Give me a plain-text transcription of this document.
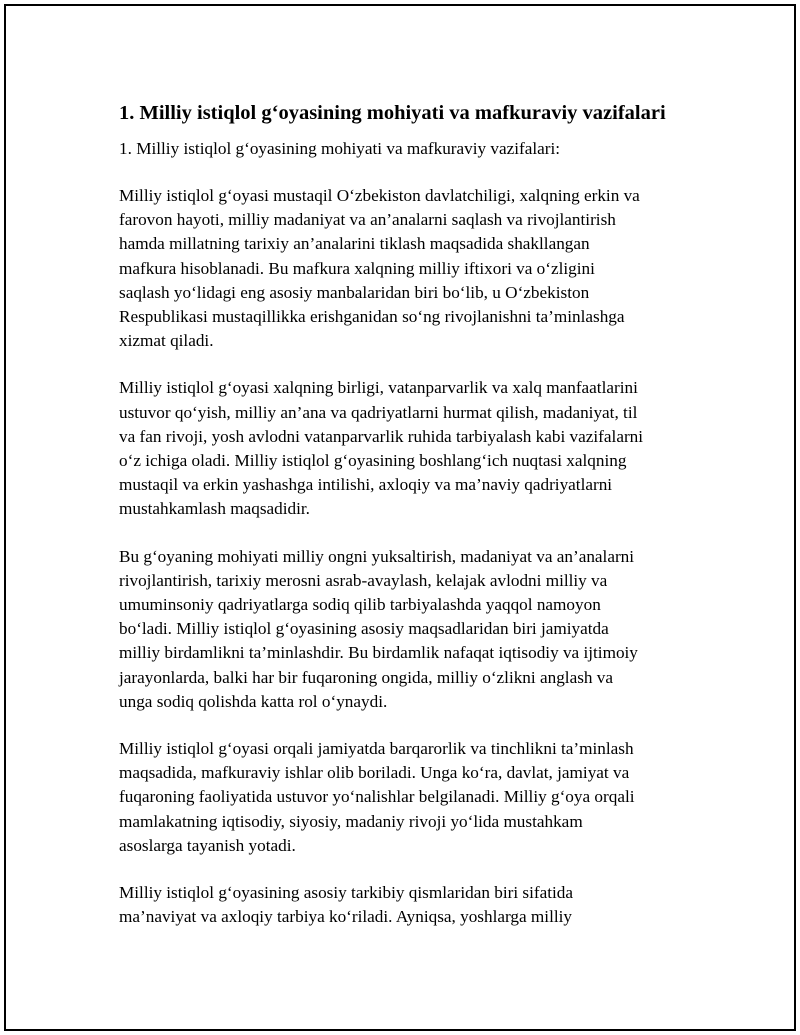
1. Milliy istiqlol g‘oyasining mohiyati va mafkuraviy vazifalari
1. Milliy istiqlol g‘oyasining mohiyati va mafkuraviy vazifalari:
Milliy istiqlol g‘oyasi mustaqil O‘zbekiston davlatchiligi, xalqning erkin va
farovon hayoti, milliy madaniyat va an’analarni saqlash va rivojlantirish
hamda millatning tarixiy an’analarini tiklash maqsadida shakllangan
mafkura hisoblanadi. Bu mafkura xalqning milliy iftixori va o‘zligini
saqlash yo‘lidagi eng asosiy manbalaridan biri bo‘lib, u O‘zbekiston
Respublikasi mustaqillikka erishganidan so‘ng rivojlanishni ta’minlashga
xizmat qiladi.
Milliy istiqlol g‘oyasi xalqning birligi, vatanparvarlik va xalq manfaatlarini
ustuvor qo‘yish, milliy an’ana va qadriyatlarni hurmat qilish, madaniyat, til
va fan rivoji, yosh avlodni vatanparvarlik ruhida tarbiyalash kabi vazifalarni
o‘z ichiga oladi. Milliy istiqlol g‘oyasining boshlang‘ich nuqtasi xalqning
mustaqil va erkin yashashga intilishi, axloqiy va ma’naviy qadriyatlarni
mustahkamlash maqsadidir.
Bu g‘oyaning mohiyati milliy ongni yuksaltirish, madaniyat va an’analarni
rivojlantirish, tarixiy merosni asrab-avaylash, kelajak avlodni milliy va
umuminsoniy qadriyatlarga sodiq qilib tarbiyalashda yaqqol namoyon
bo‘ladi. Milliy istiqlol g‘oyasining asosiy maqsadlaridan biri jamiyatda
milliy birdamlikni ta’minlashdir. Bu birdamlik nafaqat iqtisodiy va ijtimoiy
jarayonlarda, balki har bir fuqaroning ongida, milliy o‘zlikni anglash va
unga sodiq qolishda katta rol o‘ynaydi.
Milliy istiqlol g‘oyasi orqali jamiyatda barqarorlik va tinchlikni ta’minlash
maqsadida, mafkuraviy ishlar olib boriladi. Unga ko‘ra, davlat, jamiyat va
fuqaroning faoliyatida ustuvor yo‘nalishlar belgilanadi. Milliy g‘oya orqali
mamlakatning iqtisodiy, siyosiy, madaniy rivoji yo‘lida mustahkam
asoslarga tayanish yotadi.
Milliy istiqlol g‘oyasining asosiy tarkibiy qismlaridan biri sifatida
ma’naviyat va axloqiy tarbiya ko‘riladi. Ayniqsa, yoshlarga milliy
